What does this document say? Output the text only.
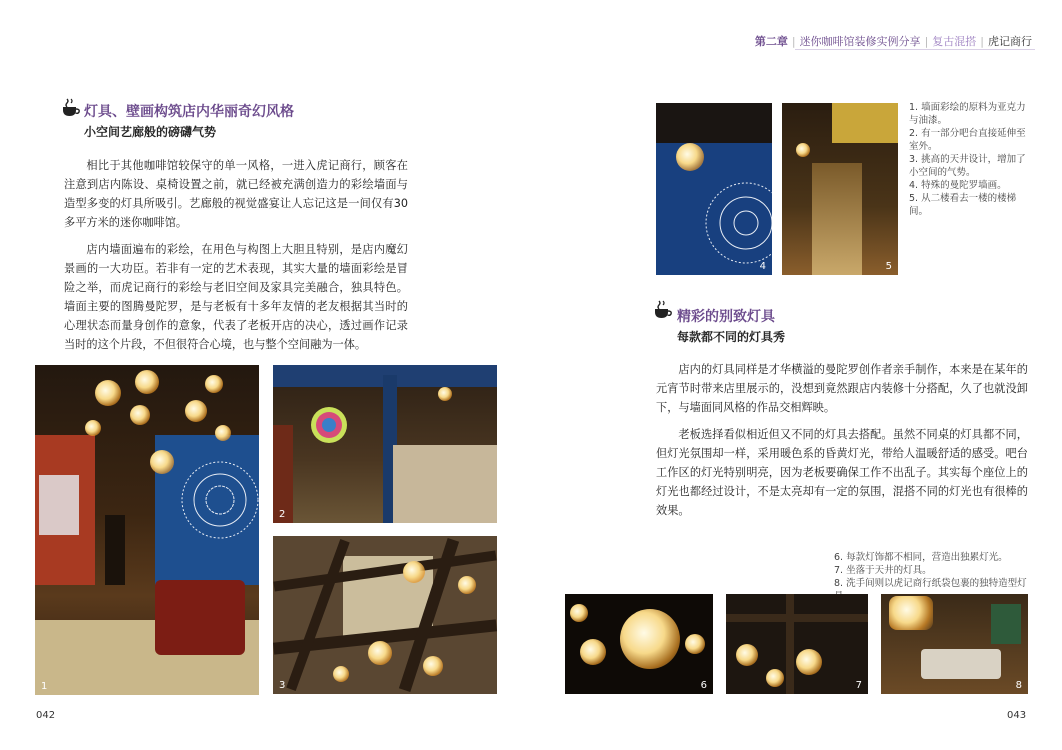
第二章 | 迷你咖啡馆装修实例分享 | 复古混搭 | 虎记商行
灯具、壁画构筑店内华丽奇幻风格
小空间艺廊般的磅礴气势

相比于其他咖啡馆较保守的单一风格，一进入虎记商行，顾客在注意到店内陈设、桌椅设置之前，就已经被充满创造力的彩绘墙面与造型多变的灯具所吸引。艺廊般的视觉盛宴让人忘记这是一间仅有30多平方米的迷你咖啡馆。

店内墙面遍布的彩绘，在用色与构图上大胆且特别，是店内魔幻景画的一大功臣。若非有一定的艺术表现，其实大量的墙面彩绘是冒险之举，而虎记商行的彩绘与老旧空间及家具完美融合，独具特色。墙面主要的图腾曼陀罗，是与老板有十多年友情的老友根据其当时的心理状态而量身创作的意象，代表了老板开店的决心，透过画作记录当时的这个片段，不但很符合心境，也与整个空间融为一体。

1
2
3
042
4	5

1. 墙面彩绘的原料为亚克力与油漆。

2. 有一部分吧台直接延伸至室外。

3. 挑高的天井设计，增加了小空间的气势。

4. 特殊的曼陀罗墙画。

5. 从二楼看去一楼的楼梯间。

精彩的别致灯具
每款都不同的灯具秀

店内的灯具同样是才华横溢的曼陀罗创作者亲手制作，本来是在某年的元宵节时带来店里展示的，没想到竟然跟店内装修十分搭配，久了也就没卸下，与墙面同风格的作品交相辉映。

老板选择看似相近但又不同的灯具去搭配。虽然不同桌的灯具都不同，但灯光氛围却一样，采用暖色系的昏黄灯光，带给人温暖舒适的感受。吧台工作区的灯光特别明亮，因为老板要确保工作不出乱子。其实每个座位上的灯光也都经过设计，不是太亮却有一定的氛围，混搭不同的灯光也有很棒的效果。

6. 每款灯饰都不相同，营造出独累灯光。

7. 坐落于天井的灯具。

8. 洗手间则以虎记商行纸袋包裹的独特造型灯

6	7	8
043
